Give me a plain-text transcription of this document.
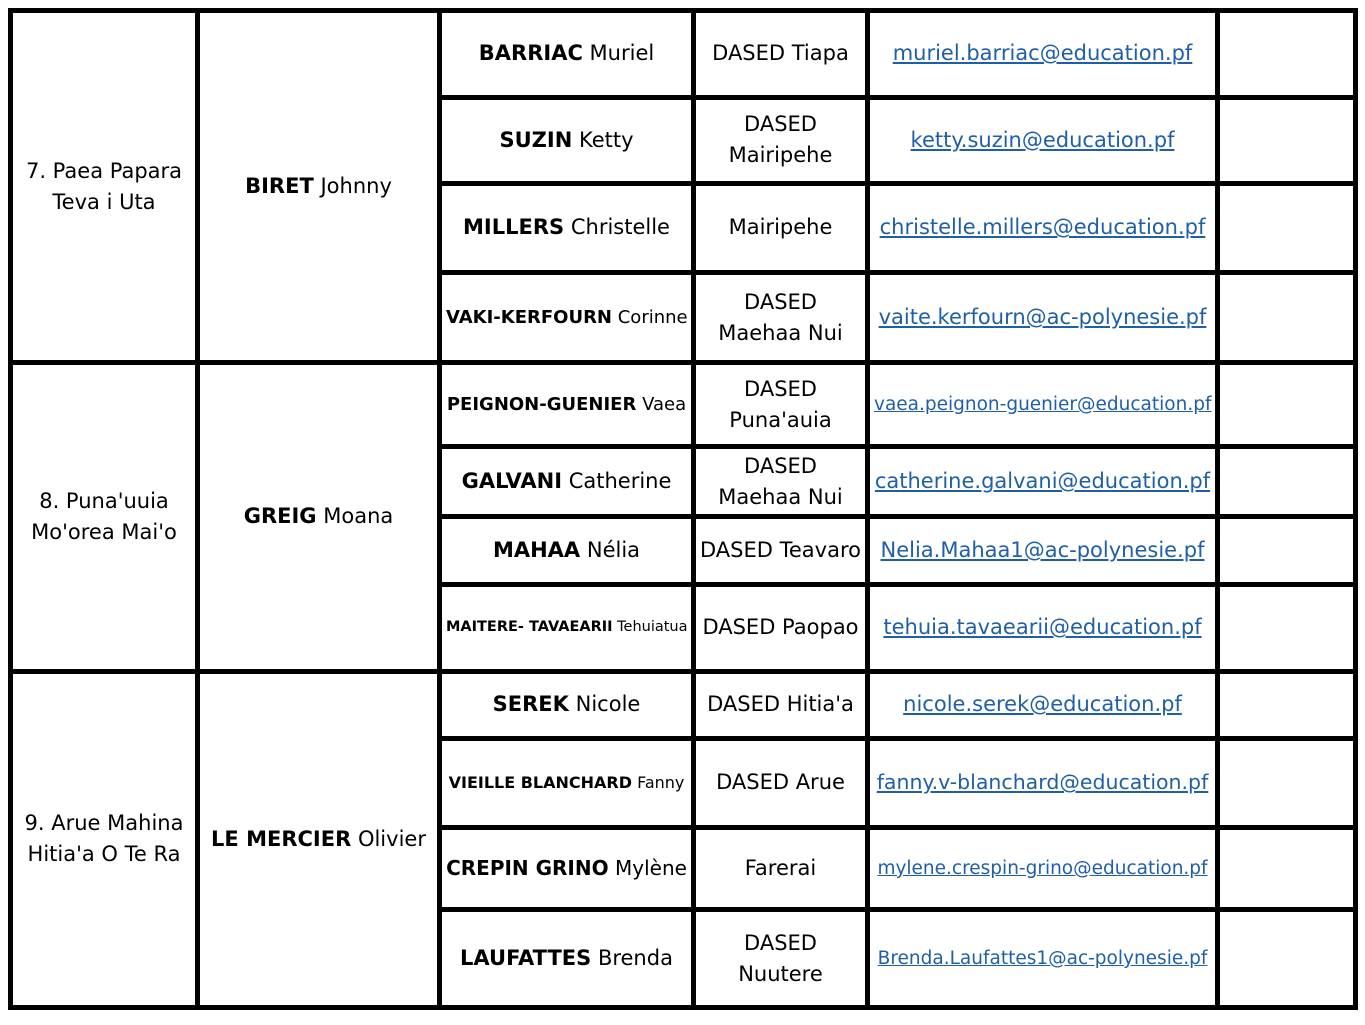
7. Paea Papara Teva i Uta	BIRET Johnny	BARRIAC Muriel	DASED Tiapa	muriel.barriac@education.pf	
		SUZIN Ketty	DASED Mairipehe	ketty.suzin@education.pf	
		MILLERS Christelle	Mairipehe	christelle.millers@education.pf	
		VAKI-KERFOURN Corinne	DASED Maehaa Nui	vaite.kerfourn@ac-polynesie.pf	
8. Puna'uuia Mo'orea Mai'o	GREIG Moana	PEIGNON-GUENIER Vaea	DASED Puna'auia	vaea.peignon-guenier@education.pf	
		GALVANI Catherine	DASED Maehaa Nui	catherine.galvani@education.pf	
		MAHAA Nélia	DASED Teavaro	Nelia.Mahaa1@ac-polynesie.pf	
		MAITERE- TAVAEARII Tehuiatua	DASED Paopao	tehuia.tavaearii@education.pf	
9. Arue Mahina Hitia'a O Te Ra	LE MERCIER Olivier	SEREK Nicole	DASED Hitia'a	nicole.serek@education.pf	
		VIEILLE BLANCHARD Fanny	DASED Arue	fanny.v-blanchard@education.pf	
		CREPIN GRINO Mylène	Farerai	mylene.crespin-grino@education.pf	
		LAUFATTES Brenda	DASED Nuutere	Brenda.Laufattes1@ac-polynesie.pf	
